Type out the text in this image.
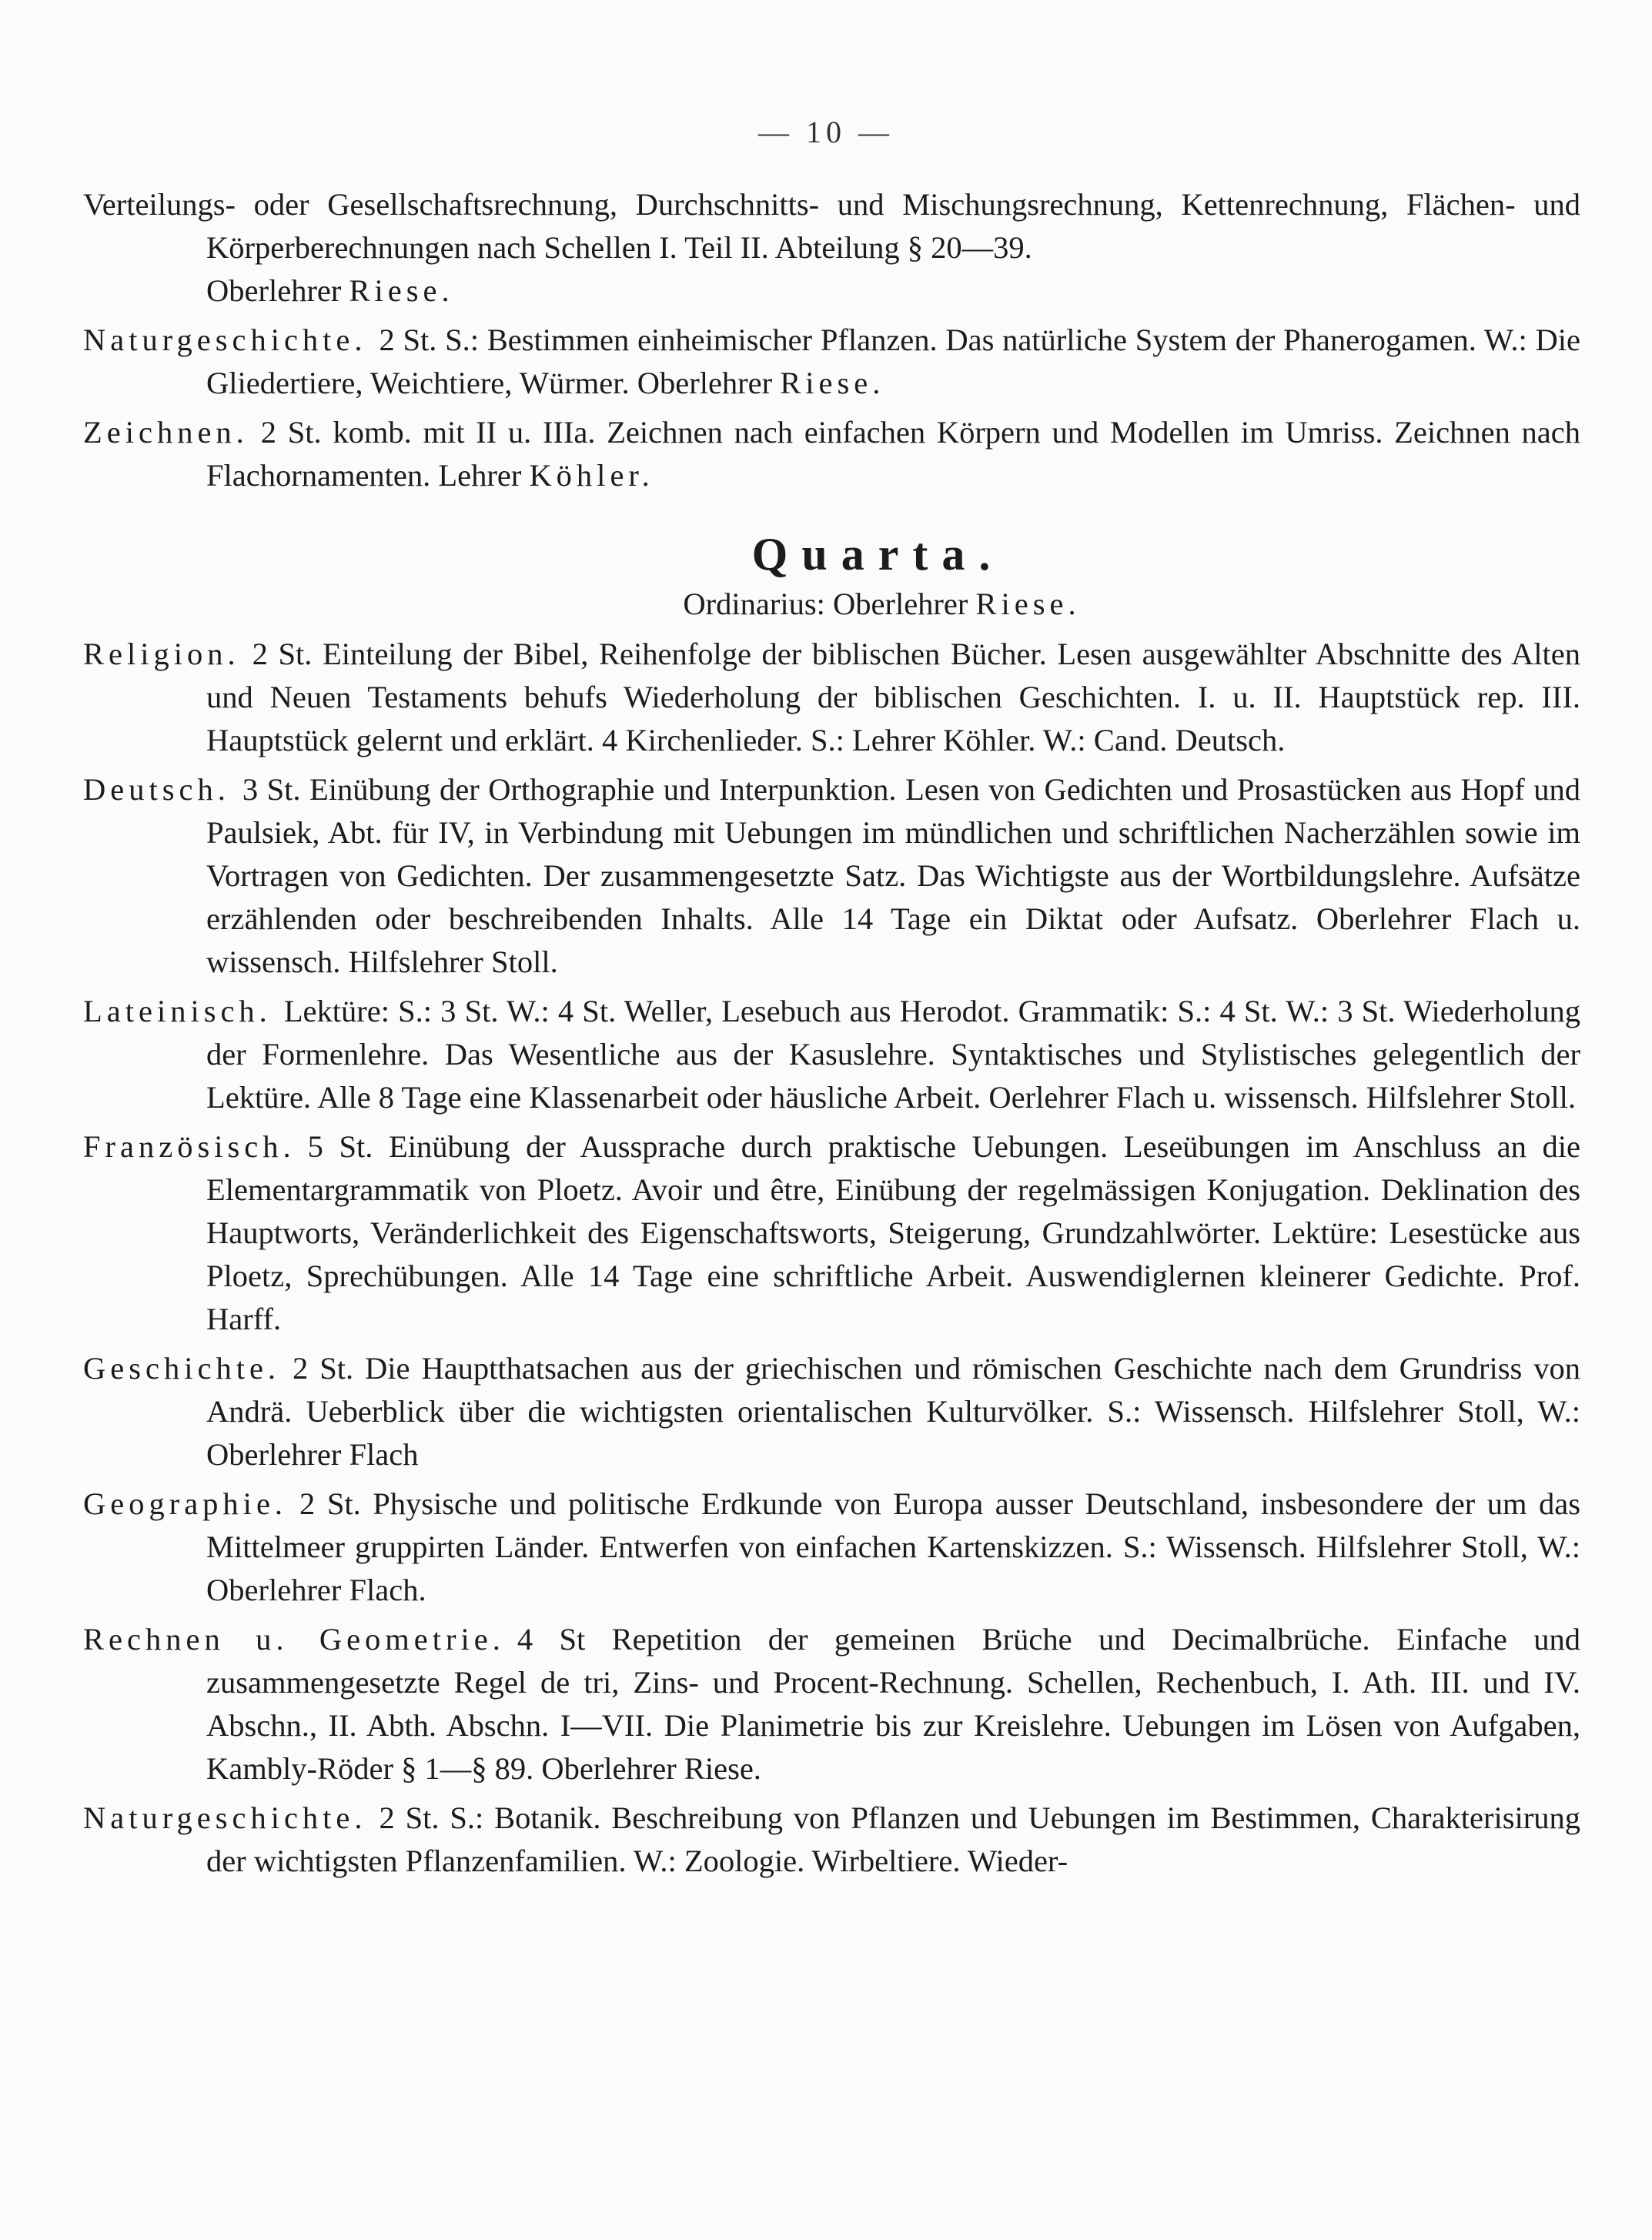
— 10 —

Verteilungs- oder Gesellschaftsrechnung, Durchschnitts- und Mischungsrechnung, Kettenrechnung, Flächen- und Körperberechnungen nach Schellen I. Teil II. Abteilung § 20—39.
Oberlehrer Riese.

Naturgeschichte. 2 St. S.: Bestimmen einheimischer Pflanzen. Das natürliche System der Phanerogamen. W.: Die Gliedertiere, Weichtiere, Würmer. Oberlehrer Riese.

Zeichnen. 2 St. komb. mit II u. IIIa. Zeichnen nach einfachen Körpern und Modellen im Umriss. Zeichnen nach Flachornamenten. Lehrer Köhler.

Quarta.
Ordinarius: Oberlehrer Riese.

Religion. 2 St. Einteilung der Bibel, Reihenfolge der biblischen Bücher. Lesen ausgewählter Abschnitte des Alten und Neuen Testaments behufs Wiederholung der biblischen Geschichten. I. u. II. Hauptstück rep. III. Hauptstück gelernt und erklärt. 4 Kirchenlieder. S.: Lehrer Köhler. W.: Cand. Deutsch.

Deutsch. 3 St. Einübung der Orthographie und Interpunktion. Lesen von Gedichten und Prosastücken aus Hopf und Paulsiek, Abt. für IV, in Verbindung mit Uebungen im mündlichen und schriftlichen Nacherzählen sowie im Vortragen von Gedichten. Der zusammengesetzte Satz. Das Wichtigste aus der Wortbildungslehre. Aufsätze erzählenden oder beschreibenden Inhalts. Alle 14 Tage ein Diktat oder Aufsatz. Oberlehrer Flach u. wissensch. Hilfslehrer Stoll.

Lateinisch. Lektüre: S.: 3 St. W.: 4 St. Weller, Lesebuch aus Herodot. Grammatik: S.: 4 St. W.: 3 St. Wiederholung der Formenlehre. Das Wesentliche aus der Kasuslehre. Syntaktisches und Stylistisches gelegentlich der Lektüre. Alle 8 Tage eine Klassenarbeit oder häusliche Arbeit. Oerlehrer Flach u. wissensch. Hilfslehrer Stoll.

Französisch. 5 St. Einübung der Aussprache durch praktische Uebungen. Leseübungen im Anschluss an die Elementargrammatik von Ploetz. Avoir und être, Einübung der regelmässigen Konjugation. Deklination des Hauptworts, Veränderlichkeit des Eigenschaftsworts, Steigerung, Grundzahlwörter. Lektüre: Lesestücke aus Ploetz, Sprechübungen. Alle 14 Tage eine schriftliche Arbeit. Auswendiglernen kleinerer Gedichte. Prof. Harff.

Geschichte. 2 St. Die Hauptthatsachen aus der griechischen und römischen Geschichte nach dem Grundriss von Andrä. Ueberblick über die wichtigsten orientalischen Kulturvölker. S.: Wissensch. Hilfslehrer Stoll, W.: Oberlehrer Flach

Geographie. 2 St. Physische und politische Erdkunde von Europa ausser Deutschland, insbesondere der um das Mittelmeer gruppirten Länder. Entwerfen von einfachen Kartenskizzen. S.: Wissensch. Hilfslehrer Stoll, W.: Oberlehrer Flach.

Rechnen u. Geometrie. 4 St Repetition der gemeinen Brüche und Decimalbrüche. Einfache und zusammengesetzte Regel de tri, Zins- und Procent-Rechnung. Schellen, Rechenbuch, I. Ath. III. und IV. Abschn., II. Abth. Abschn. I—VII. Die Planimetrie bis zur Kreislehre. Uebungen im Lösen von Aufgaben, Kambly-Röder § 1—§ 89. Oberlehrer Riese.

Naturgeschichte. 2 St. S.: Botanik. Beschreibung von Pflanzen und Uebungen im Bestimmen, Charakterisirung der wichtigsten Pflanzenfamilien. W.: Zoologie. Wirbeltiere. Wieder-
